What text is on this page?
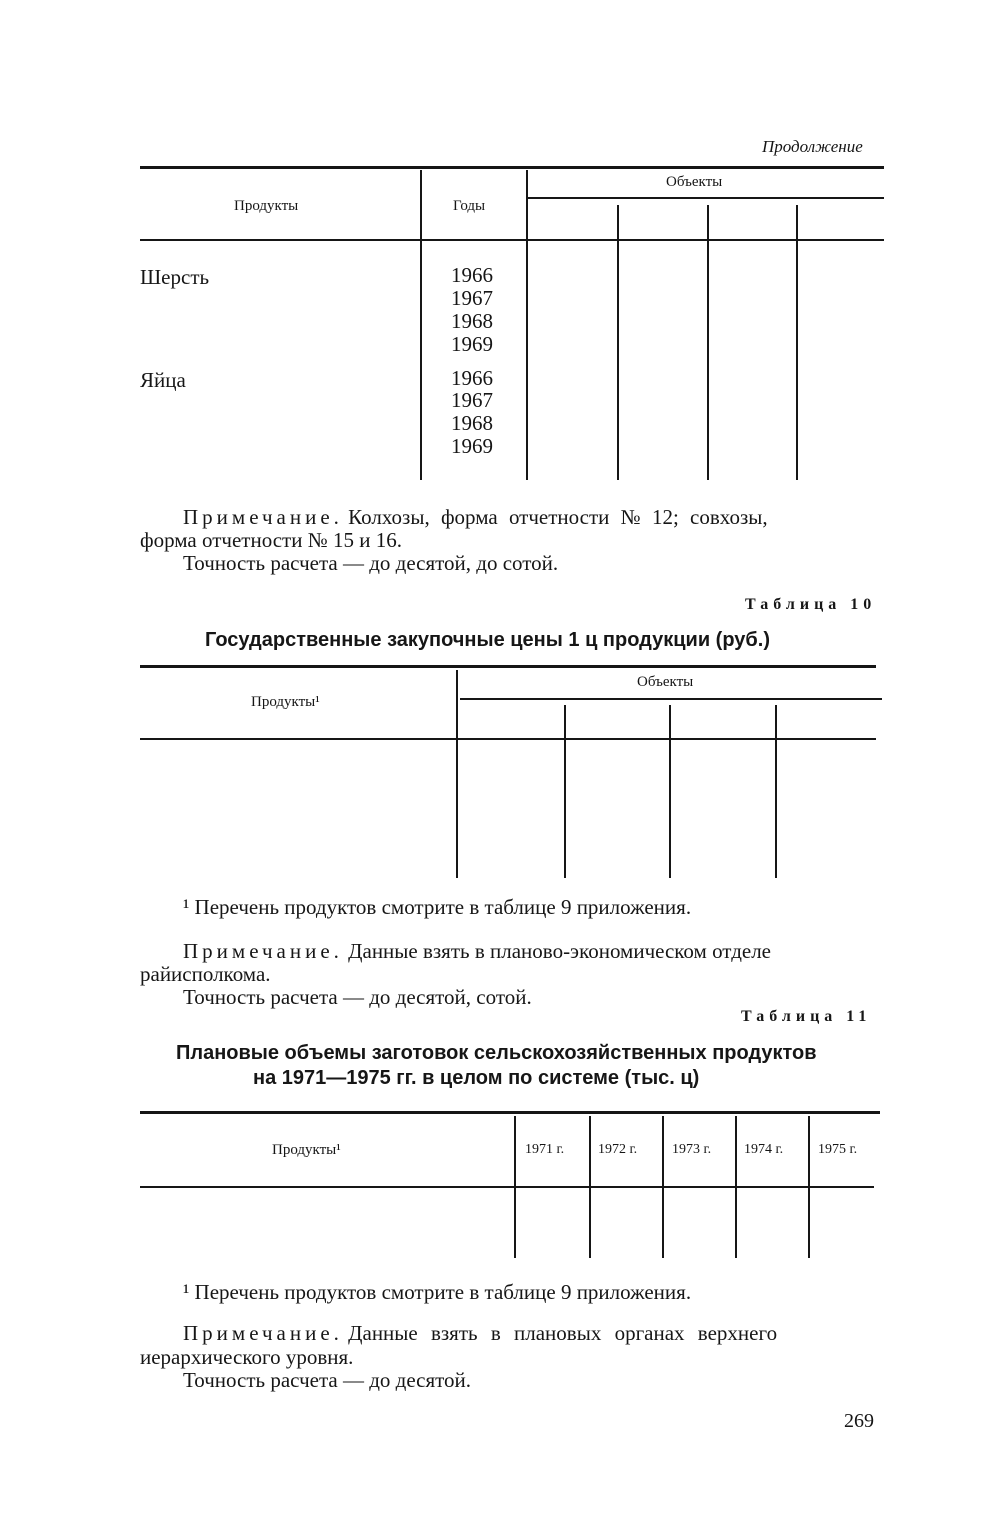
Продолжение
Продукты	Годы
Объекты
Шерсть	1966
1967
1968
1969
Яйца	1966
1967
1968
1969
Примечание. Колхозы, форма отчетности № 12; совхозы,
форма отчетности № 15 и 16.
Точность расчета — до десятой, до сотой.
Таблица 10
Государственные закупочные цены 1 ц продукции (руб.)
Продукты¹
Объекты
¹ Перечень продуктов смотрите в таблице 9 приложения.
Примечание. Данные взять в планово-экономическом отделе
райисполкома.
Точность расчета — до десятой, сотой.
Таблица 11
Плановые объемы заготовок сельскохозяйственных продуктов
на 1971—1975 гг. в целом по системе (тыс. ц)
Продукты¹	1971 г. 1972 г. 1973 г. 1974 г. 1975 г.
¹ Перечень продуктов смотрите в таблице 9 приложения.
Примечание. Данные взять в плановых органах верхнего
иерархического уровня.
Точность расчета — до десятой.
269
